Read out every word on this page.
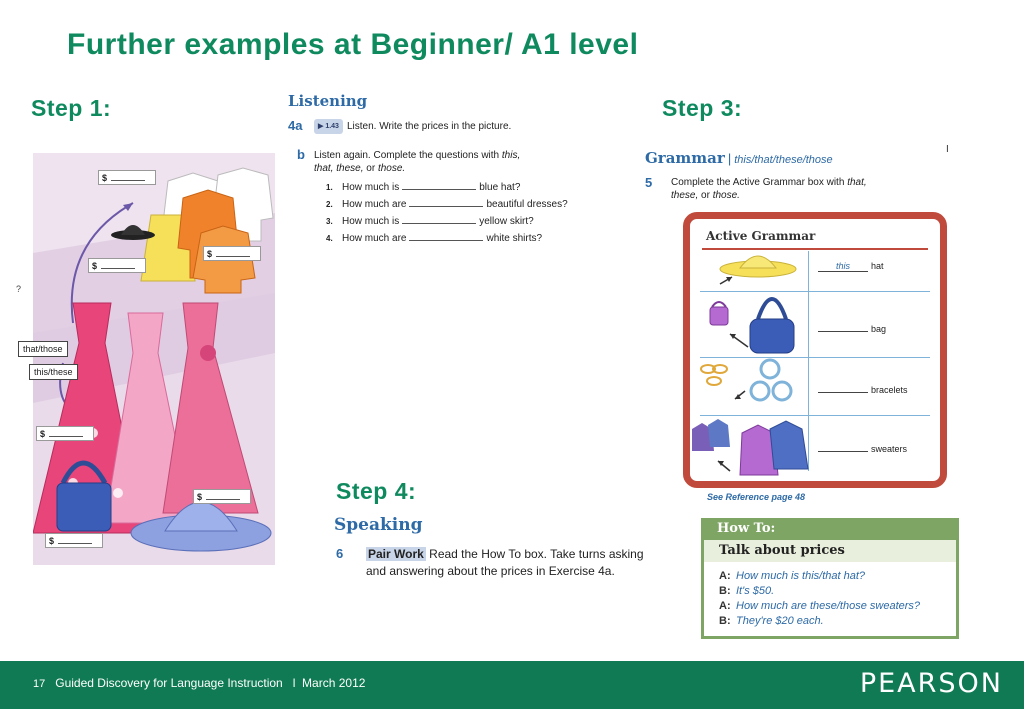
Further examples at Beginner/ A1 level
Step 1:	Step 3:
Step 4:
$
$
$
$
$
$
?
that/those
this/these
Listening
4a	▶ 1.43 Listen. Write the prices in the picture.
b Listen again. Complete the questions with this,
that, these, or those.
1. How much is	blue hat?
2. How much are	beautiful dresses?
3. How much is	yellow skirt?
4. How much are	white shirts?
Grammar | this/that/these/those
I
5 Complete the Active Grammar box with that,
these, or those.
Active Grammar
this hat
bag
bracelets
sweaters
See Reference page 48
Speaking
6 Pair Work Read the How To box. Take turns asking
and answering about the prices in Exercise 4a.
How To:
Talk about prices
A: How much is this/that hat?
B: It's $50.
A: How much are these/those sweaters?
B: They're $20 each.
17 Guided Discovery for Language Instruction   l  March 2012	PEARSON
